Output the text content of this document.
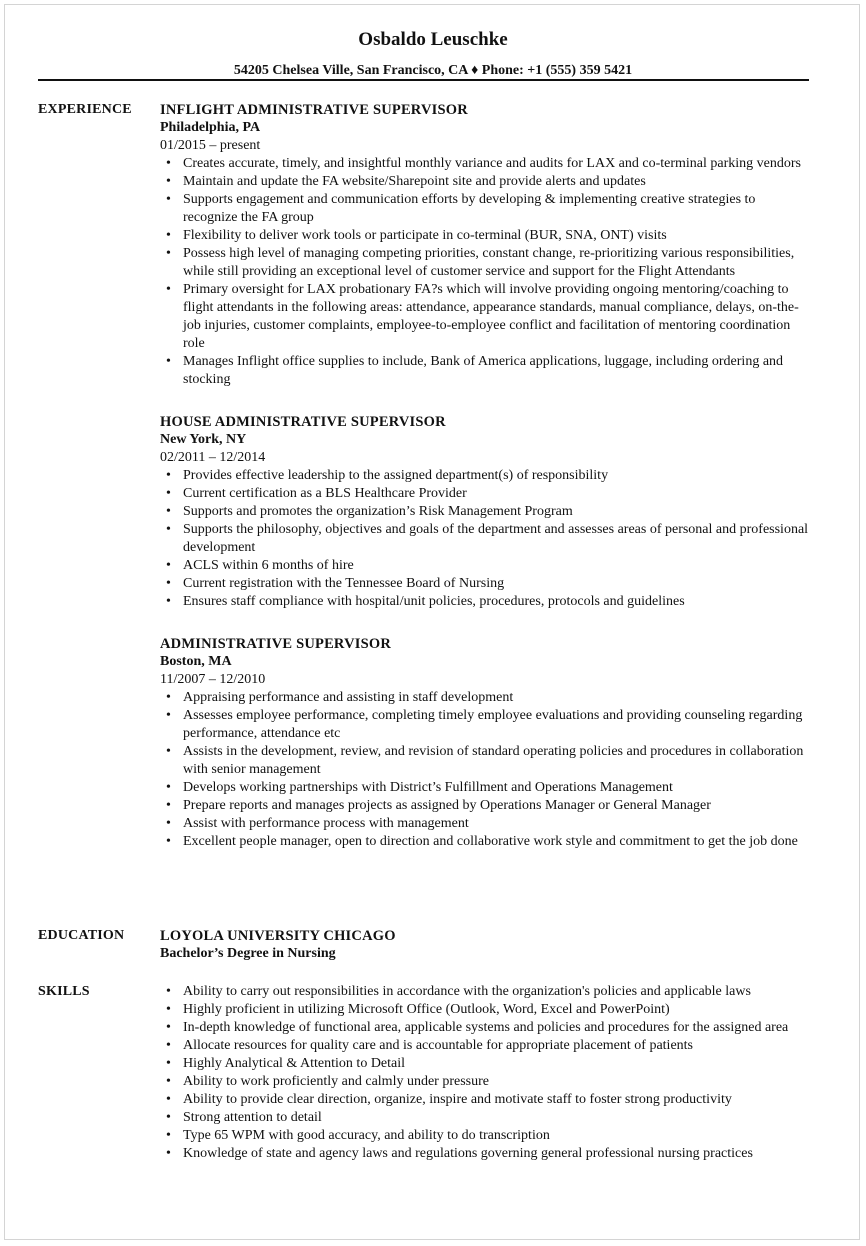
Osbaldo Leuschke
54205 Chelsea Ville, San Francisco, CA ♦ Phone: +1 (555) 359 5421
EXPERIENCE INFLIGHT ADMINISTRATIVE SUPERVISOR
Philadelphia, PA
01/2015 – present
• Creates accurate, timely, and insightful monthly variance and audits for LAX and co-terminal parking vendors
• Maintain and update the FA website/Sharepoint site and provide alerts and updates
• Supports engagement and communication efforts by developing & implementing creative strategies to recognize the FA group
• Flexibility to deliver work tools or participate in co-terminal (BUR, SNA, ONT) visits
• Possess high level of managing competing priorities, constant change, re-prioritizing various responsibilities, while still providing an exceptional level of customer service and support for the Flight Attendants
• Primary oversight for LAX probationary FA?s which will involve providing ongoing mentoring/coaching to flight attendants in the following areas: attendance, appearance standards, manual compliance, delays, on-the-job injuries, customer complaints, employee-to-employee conflict and facilitation of mentoring coordination role
• Manages Inflight office supplies to include, Bank of America applications, luggage, including ordering and stocking
HOUSE ADMINISTRATIVE SUPERVISOR
New York, NY
02/2011 – 12/2014
• Provides effective leadership to the assigned department(s) of responsibility
• Current certification as a BLS Healthcare Provider
• Supports and promotes the organization’s Risk Management Program
• Supports the philosophy, objectives and goals of the department and assesses areas of personal and professional development
• ACLS within 6 months of hire
• Current registration with the Tennessee Board of Nursing
• Ensures staff compliance with hospital/unit policies, procedures, protocols and guidelines
ADMINISTRATIVE SUPERVISOR
Boston, MA
11/2007 – 12/2010
• Appraising performance and assisting in staff development
• Assesses employee performance, completing timely employee evaluations and providing counseling regarding performance, attendance etc
• Assists in the development, review, and revision of standard operating policies and procedures in collaboration with senior management
• Develops working partnerships with District’s Fulfillment and Operations Management
• Prepare reports and manages projects as assigned by Operations Manager or General Manager
• Assist with performance process with management
• Excellent people manager, open to direction and collaborative work style and commitment to get the job done
EDUCATION LOYOLA UNIVERSITY CHICAGO
Bachelor’s Degree in Nursing
SKILLS
•	Ability to carry out responsibilities in accordance with the organization's policies and applicable laws
• Highly proficient in utilizing Microsoft Office (Outlook, Word, Excel and PowerPoint)
• In-depth knowledge of functional area, applicable systems and policies and procedures for the assigned area
• Allocate resources for quality care and is accountable for appropriate placement of patients
• Highly Analytical & Attention to Detail
• Ability to work proficiently and calmly under pressure
• Ability to provide clear direction, organize, inspire and motivate staff to foster strong productivity
• Strong attention to detail
• Type 65 WPM with good accuracy, and ability to do transcription
• Knowledge of state and agency laws and regulations governing general professional nursing practices
